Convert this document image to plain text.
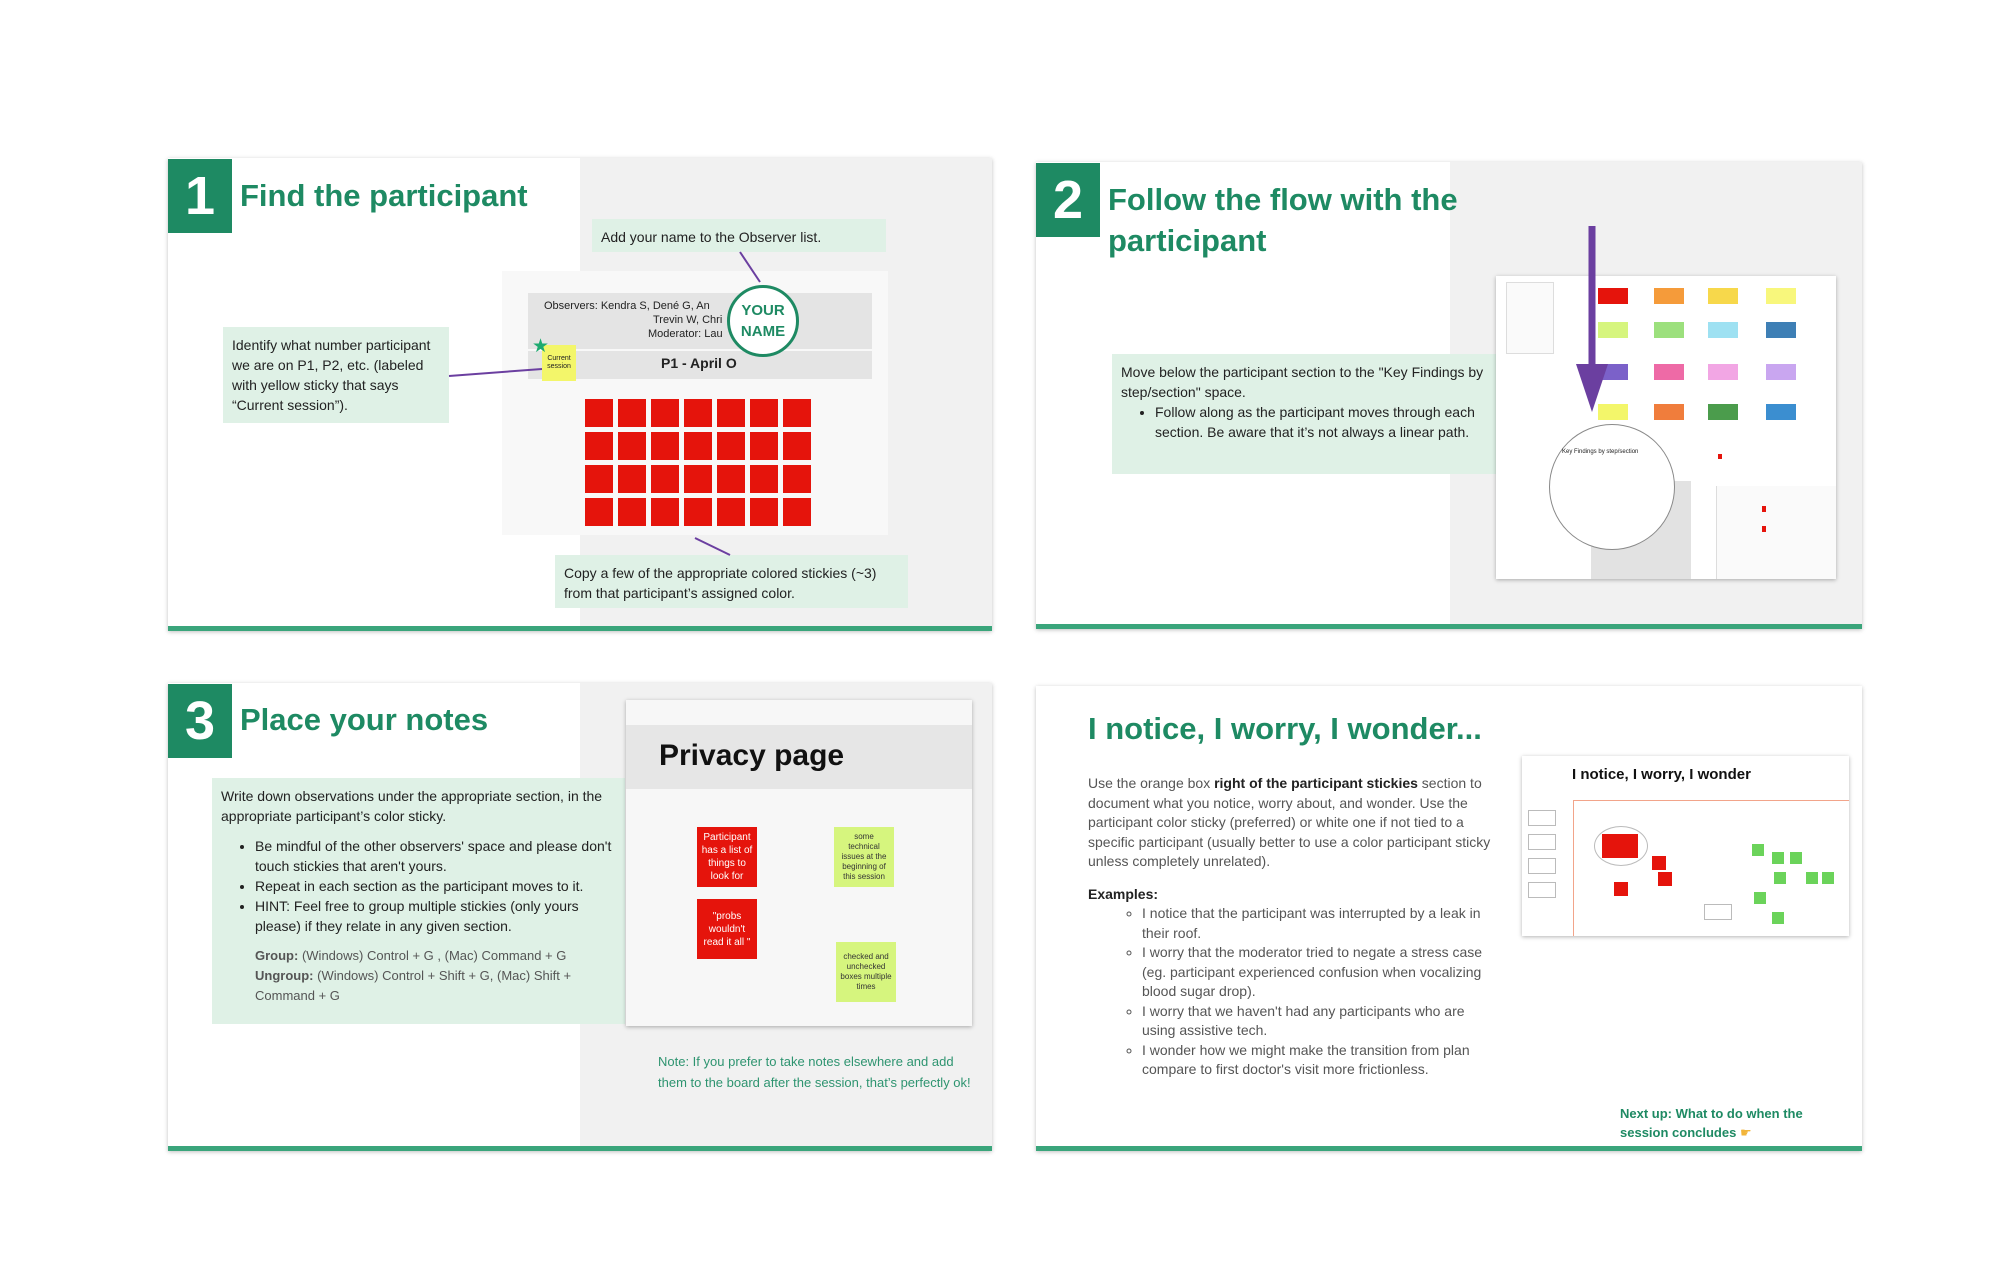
1 Find the participant
Add your name to the Observer list.
Identify what number participant we are on P1, P2, etc. (labeled with yellow sticky that says “Current session”).
Observers: Kendra S, Dené G, An
Trevin W, Chri
Moderator: Lau
P1 - April O
YOUR NAME
Current session
★
Copy a few of the appropriate colored stickies (~3) from that participant’s assigned color.
2 Follow the flow with the participant
Move below the participant section to the "Key Findings by step/section" space.
• Follow along as the participant moves through each section. Be aware that it’s not always a linear path.
Key Findings by step/section
3 Place your notes
Write down observations under the appropriate section, in the appropriate participant’s color sticky.
• Be mindful of the other observers' space and please don't touch stickies that aren't yours.
• Repeat in each section as the participant moves to it.
• HINT: Feel free to group multiple stickies (only yours please) if they relate in any given section.
Group: (Windows) Control + G , (Mac) Command + G
Ungroup: (Windows) Control + Shift + G, (Mac) Shift + Command + G
Privacy page
Participant has a list of things to look for
"probs wouldn't read it all "
some technical issues at the beginning of this session
checked and unchecked boxes multiple times
Note: If you prefer to take notes elsewhere and add them to the board after the session, that’s perfectly ok!
I notice, I worry, I wonder...
Use the orange box right of the participant stickies section to document what you notice, worry about, and wonder. Use the participant color sticky (preferred) or white one if not tied to a specific participant (usually better to use a color participant sticky unless completely unrelated).
Examples:
◦ I notice that the participant was interrupted by a leak in their roof.
◦ I worry that the moderator tried to negate a stress case (eg. participant experienced confusion when vocalizing blood sugar drop).
◦ I worry that we haven't had any participants who are using assistive tech.
◦ I wonder how we might make the transition from plan compare to first doctor's visit more frictionless.
I notice, I worry, I wonder
Next up: What to do when the session concludes ☛
